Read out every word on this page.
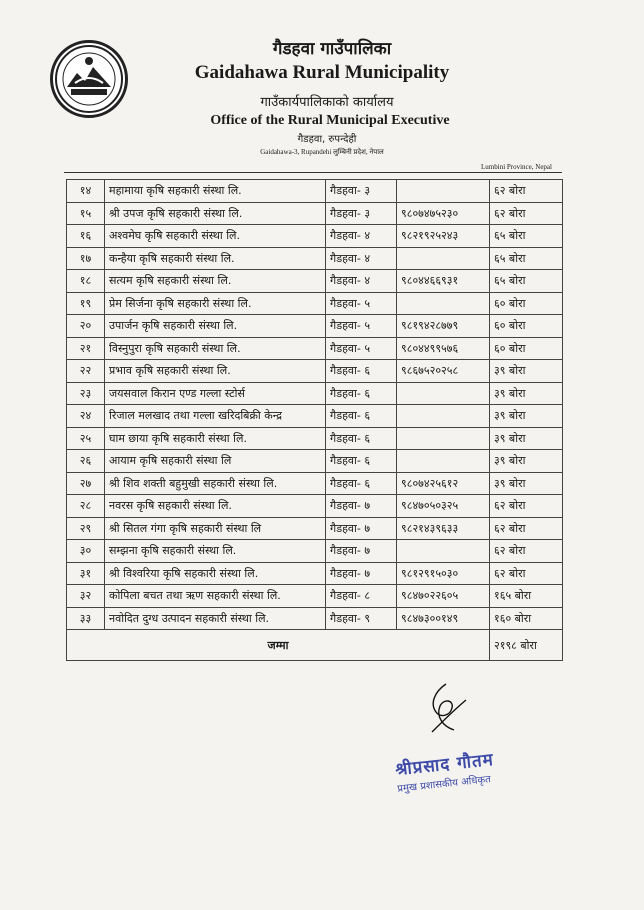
गैडहवा गाउँपालिका
Gaidahawa Rural Municipality
गाउँकार्यपालिकाको कार्यालय
Office of the Rural Municipal Executive
गैडहवा, रुपन्देही
Gaidahawa-3, Rupandehi लुम्बिनी प्रदेश, नेपाल
Lumbini Province, Nepal
१४	महामाया कृषि सहकारी संस्था लि.	गैडहवा- ३		६२ बोरा
१५	श्री उपज कृषि सहकारी संस्था लि.	गैडहवा- ३	९८०७४७५२३०	६२ बोरा
१६	अश्वमेघ कृषि सहकारी संस्था लि.	गैडहवा- ४	९८२१९२५२४३	६५ बोरा
१७	कन्हैया कृषि सहकारी संस्था लि.	गैडहवा- ४		६५ बोरा
१८	सत्यम कृषि सहकारी संस्था लि.	गैडहवा- ४	९८०४४६६९३१	६५ बोरा
१९	प्रेम सिर्जना कृषि सहकारी संस्था लि.	गैडहवा- ५		६० बोरा
२०	उपार्जन कृषि सहकारी संस्था लि.	गैडहवा- ५	९८१९४२८७७९	६० बोरा
२१	विस्नुपुरा कृषि सहकारी संस्था लि.	गैडहवा- ५	९८०४४९९५७६	६० बोरा
२२	प्रभाव कृषि सहकारी संस्था लि.	गैडहवा- ६	९८६७५२०२५८	३९ बोरा
२३	जयसवाल किरान एण्ड गल्ला स्टोर्स	गैडहवा- ६		३९ बोरा
२४	रिजाल मलखाद तथा गल्ला खरिदबिक्री केन्द्र	गैडहवा- ६		३९ बोरा
२५	घाम छाया कृषि सहकारी संस्था लि.	गैडहवा- ६		३९ बोरा
२६	आयाम कृषि सहकारी संस्था लि	गैडहवा- ६		३९ बोरा
२७	श्री शिव शक्ती बहुमुखी सहकारी संस्था लि.	गैडहवा- ६	९८०७४२५६१२	३९ बोरा
२८	नवरस कृषि सहकारी संस्था लि.	गैडहवा- ७	९८४७०५०३२५	६२ बोरा
२९	श्री सितल गंगा कृषि सहकारी संस्था लि	गैडहवा- ७	९८२१४३९६३३	६२ बोरा
३०	सम्झना कृषि सहकारी संस्था लि.	गैडहवा- ७		६२ बोरा
३१	श्री विश्वरिया कृषि सहकारी संस्था लि.	गैडहवा- ७	९८१२९१५०३०	६२ बोरा
३२	कोपिला बचत तथा ऋण सहकारी संस्था लि.	गैडहवा- ८	९८४७०२२६०५	१६५ बोरा
३३	नवोदित दुग्ध उत्पादन सहकारी संस्था लि.	गैडहवा- ९	९८४७३००१४९	१६० बोरा
जम्मा				२१९८ बोरा
श्रीप्रसाद गौतम
प्रमुख प्रशासकीय अधिकृत
